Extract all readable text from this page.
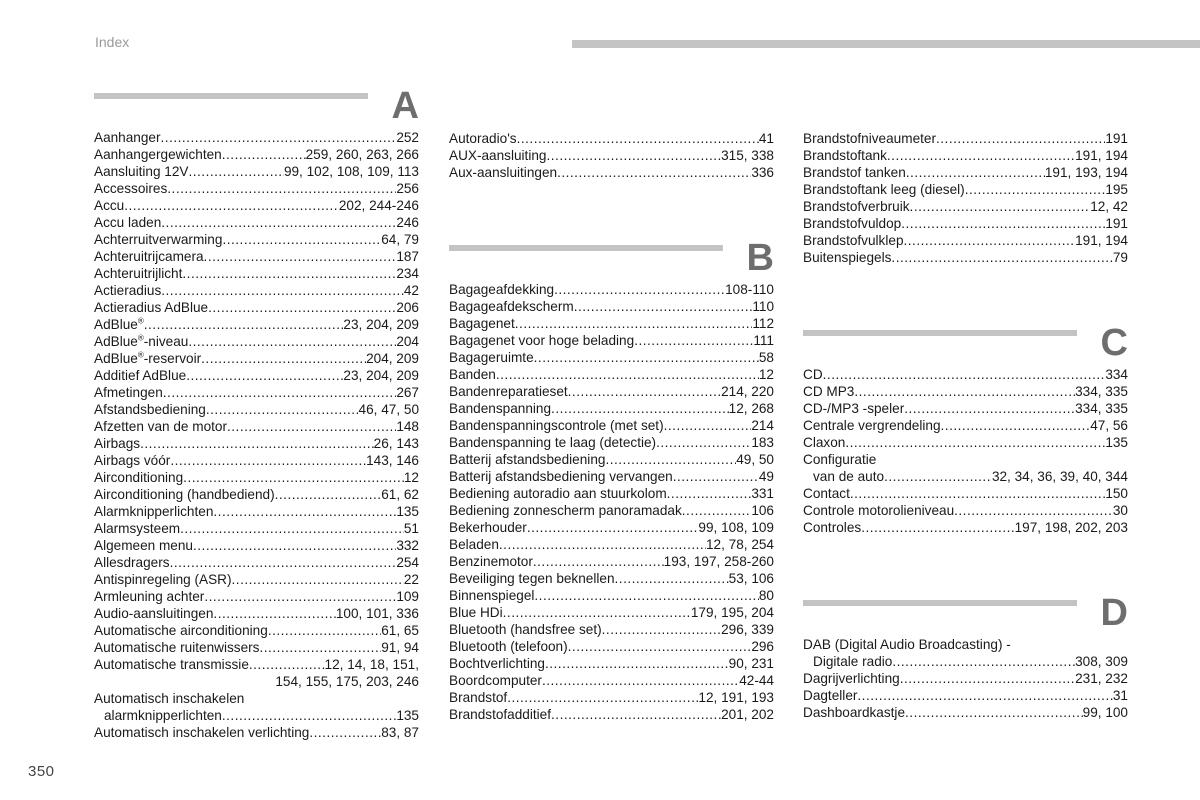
Index
A
Aanhanger .....	252
Aanhangergewichten .....	259, 260, 263, 266
Aansluiting 12V .....	99, 102, 108, 109, 113
Accessoires .....	256
Accu .....	202, 244-246
Accu laden .....	246
Achterruitverwarming .....	64, 79
Achteruitrijcamera .....	187
Achteruitrijlicht .....	234
Actieradius .....	42
Actieradius AdBlue .....	206
AdBlue® .....	23, 204, 209
AdBlue®-niveau .....	204
AdBlue®-reservoir .....	204, 209
Additief AdBlue .....	23, 204, 209
Afmetingen .....	267
Afstandsbediening .....	46, 47, 50
Afzetten van de motor .....	148
Airbags .....	26, 143
Airbags vóór .....	143, 146
Airconditioning .....	12
Airconditioning (handbediend) .....	61, 62
Alarmknipperlichten .....	135
Alarmsysteem .....	51
Algemeen menu .....	332
Allesdragers .....	254
Antispinregeling (ASR) .....	22
Armleuning achter .....	109
Audio-aansluitingen .....	100, 101, 336
Automatische airconditioning .....	61, 65
Automatische ruitenwissers .....	91, 94
Automatische transmissie .....	12, 14, 18, 151,
154, 155, 175, 203, 246
Automatisch inschakelen
alarmknipperlichten .....	135
Automatisch inschakelen verlichting .....	83, 87
Autoradio's .....	41
AUX-aansluiting .....	315, 338
Aux-aansluitingen .....	336
B
Bagageafdekking .....	108-110
Bagageafdekscherm .....	110
Bagagenet .....	112
Bagagenet voor hoge belading .....	111
Bagageruimte .....	58
Banden .....	12
Bandenreparatieset .....	214, 220
Bandenspanning .....	12, 268
Bandenspanningscontrole (met set) .....	214
Bandenspanning te laag (detectie) .....	183
Batterij afstandsbediening .....	49, 50
Batterij afstandsbediening vervangen .....	49
Bediening autoradio aan stuurkolom .....	331
Bediening zonnescherm panoramadak .....	106
Bekerhouder .....	99, 108, 109
Beladen .....	12, 78, 254
Benzinemotor .....	193, 197, 258-260
Beveiliging tegen beknellen .....	53, 106
Binnenspiegel .....	80
Blue HDi .....	179, 195, 204
Bluetooth (handsfree set) .....	296, 339
Bluetooth (telefoon) .....	296
Bochtverlichting .....	90, 231
Boordcomputer .....	42-44
Brandstof .....	12, 191, 193
Brandstofadditief .....	201, 202
Brandstofniveaumeter .....	191
Brandstoftank .....	191, 194
Brandstof tanken .....	191, 193, 194
Brandstoftank leeg (diesel) .....	195
Brandstofverbruik .....	12, 42
Brandstofvuldop .....	191
Brandstofvulklep .....	191, 194
Buitenspiegels .....	79
C
CD .....	334
CD MP3 .....	334, 335
CD-/MP3 -speler .....	334, 335
Centrale vergrendeling .....	47, 56
Claxon .....	135
Configuratie
van de auto .....	32, 34, 36, 39, 40, 344
Contact .....	150
Controle motorolieniveau .....	30
Controles .....	197, 198, 202, 203
D
DAB (Digital Audio Broadcasting) -
Digitale radio .....	308, 309
Dagrijverlichting .....	231, 232
Dagteller .....	31
Dashboardkastje .....	99, 100
350
